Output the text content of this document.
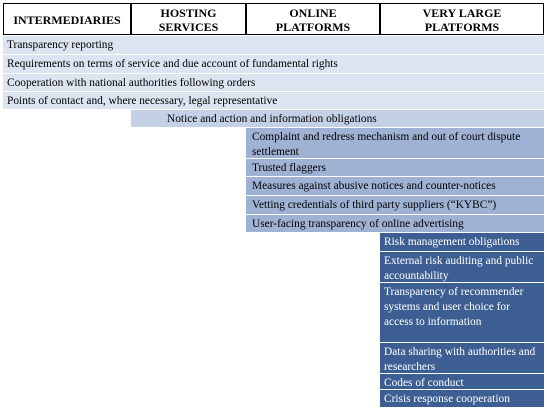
INTERMEDIARIES	HOSTING
SERVICES
ONLINE
PLATFORMS
VERY LARGE
PLATFORMS
Transparency reporting
Requirements on terms of service and due account of fundamental rights
Cooperation with national authorities following orders
Points of contact and, where necessary, legal representative
Notice and action and information obligations
Complaint and redress mechanism and out of court dispute settlement
Trusted flaggers
Measures against abusive notices and counter-notices
Vetting credentials of third party suppliers (“KYBC”)
User-facing transparency of online advertising
Risk management obligations
External risk auditing and public accountability
Transparency of recommender systems and user choice for access to information
Data sharing with authorities and researchers
Codes of conduct
Crisis response cooperation
